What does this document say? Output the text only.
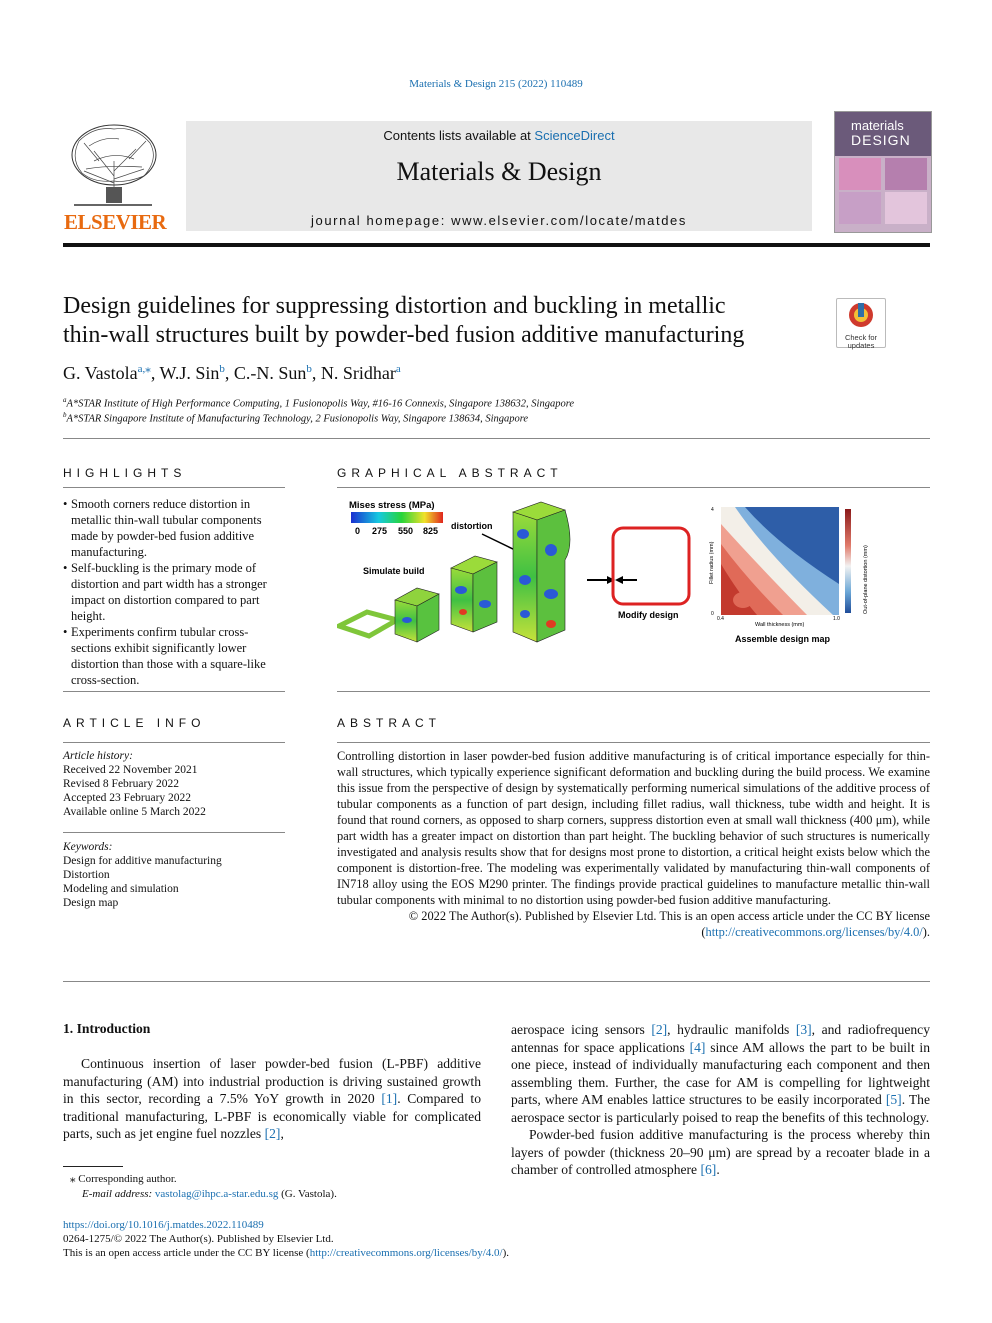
Materials & Design 215 (2022) 110489
ELSEVIER
Contents lists available at ScienceDirect
Materials & Design
journal homepage: www.elsevier.com/locate/matdes
materials
DESIGN
Design guidelines for suppressing distortion and buckling in metallic
thin-wall structures built by powder-bed fusion additive manufacturing	Check for updates
G. Vastola$^{a,⁎}$, W.J. Sin$^b$, C.-N. Sun$^b$, N. Sridhar$^a$
$^a$A*STAR Institute of High Performance Computing, 1 Fusionopolis Way, #16-16 Connexis, Singapore 138632, Singapore
$^b$A*STAR Singapore Institute of Manufacturing Technology, 2 Fusionopolis Way, Singapore 138634, Singapore
HIGHLIGHTS
• Smooth corners reduce distortion in metallic thin-wall tubular components made by powder-bed fusion additive manufacturing.
• Self-buckling is the primary mode of distortion and part width has a stronger impact on distortion compared to part height.
• Experiments confirm tubular cross-sections exhibit significantly lower distortion than those with a square-like cross-section.
GRAPHICAL ABSTRACT
Mises stress (MPa)
0 275 550 825
Simulate build
distortion
Modify design
4
0
0.4	1.0
Wall thickness (mm)
Fillet radius (mm)	Out-of-plane distortion (mm)
Assemble design map
ARTICLE INFO
Article history:
Received 22 November 2021
Revised 8 February 2022
Accepted 23 February 2022
Available online 5 March 2022
Keywords:
Design for additive manufacturing
Distortion
Modeling and simulation
Design map
ABSTRACT
Controlling distortion in laser powder-bed fusion additive manufacturing is of critical importance especially for thin-wall structures, which typically experience significant deformation and buckling during the build process. We examine this issue from the perspective of design by systematically performing numerical simulations of the additive process of tubular components as a function of part design, including fillet radius, wall thickness, tube width and height. It is found that round corners, as opposed to sharp corners, suppress distortion even at small wall thickness (400 μm), while part width has a greater impact on distortion than part height. The buckling behavior of such structures is numerically investigated and analysis results show that for designs most prone to distortion, a critical height exists below which the component is distortion-free. The modeling was experimentally validated by manufacturing thin-wall components of IN718 alloy using the EOS M290 printer. The findings provide practical guidelines to manufacture metallic thin-wall tubular components with minimal to no distortion using powder-bed fusion additive manufacturing.
© 2022 The Author(s). Published by Elsevier Ltd. This is an open access article under the CC BY license (http://creativecommons.org/licenses/by/4.0/).
1. Introduction
Continuous insertion of laser powder-bed fusion (L-PBF) additive manufacturing (AM) into industrial production is driving sustained growth in this sector, recording a 7.5% YoY growth in 2020 [1]. Compared to traditional manufacturing, L-PBF is economically viable for complicated parts, such as jet engine fuel nozzles [2],
aerospace icing sensors [2], hydraulic manifolds [3], and radiofrequency antennas for space applications [4] since AM allows the part to be built in one piece, instead of individually manufacturing each component and then assembling them. Further, the case for AM is compelling for lightweight parts, where AM enables lattice structures to be easily incorporated [5]. The aerospace sector is particularly poised to reap the benefits of this technology.
Powder-bed fusion additive manufacturing is the process whereby thin layers of powder (thickness 20–90 μm) are spread by a recoater blade in a chamber of controlled atmosphere [6].
⁎ Corresponding author.
E-mail address: vastolag@ihpc.a-star.edu.sg (G. Vastola).
https://doi.org/10.1016/j.matdes.2022.110489
0264-1275/© 2022 The Author(s). Published by Elsevier Ltd.
This is an open access article under the CC BY license (http://creativecommons.org/licenses/by/4.0/).
